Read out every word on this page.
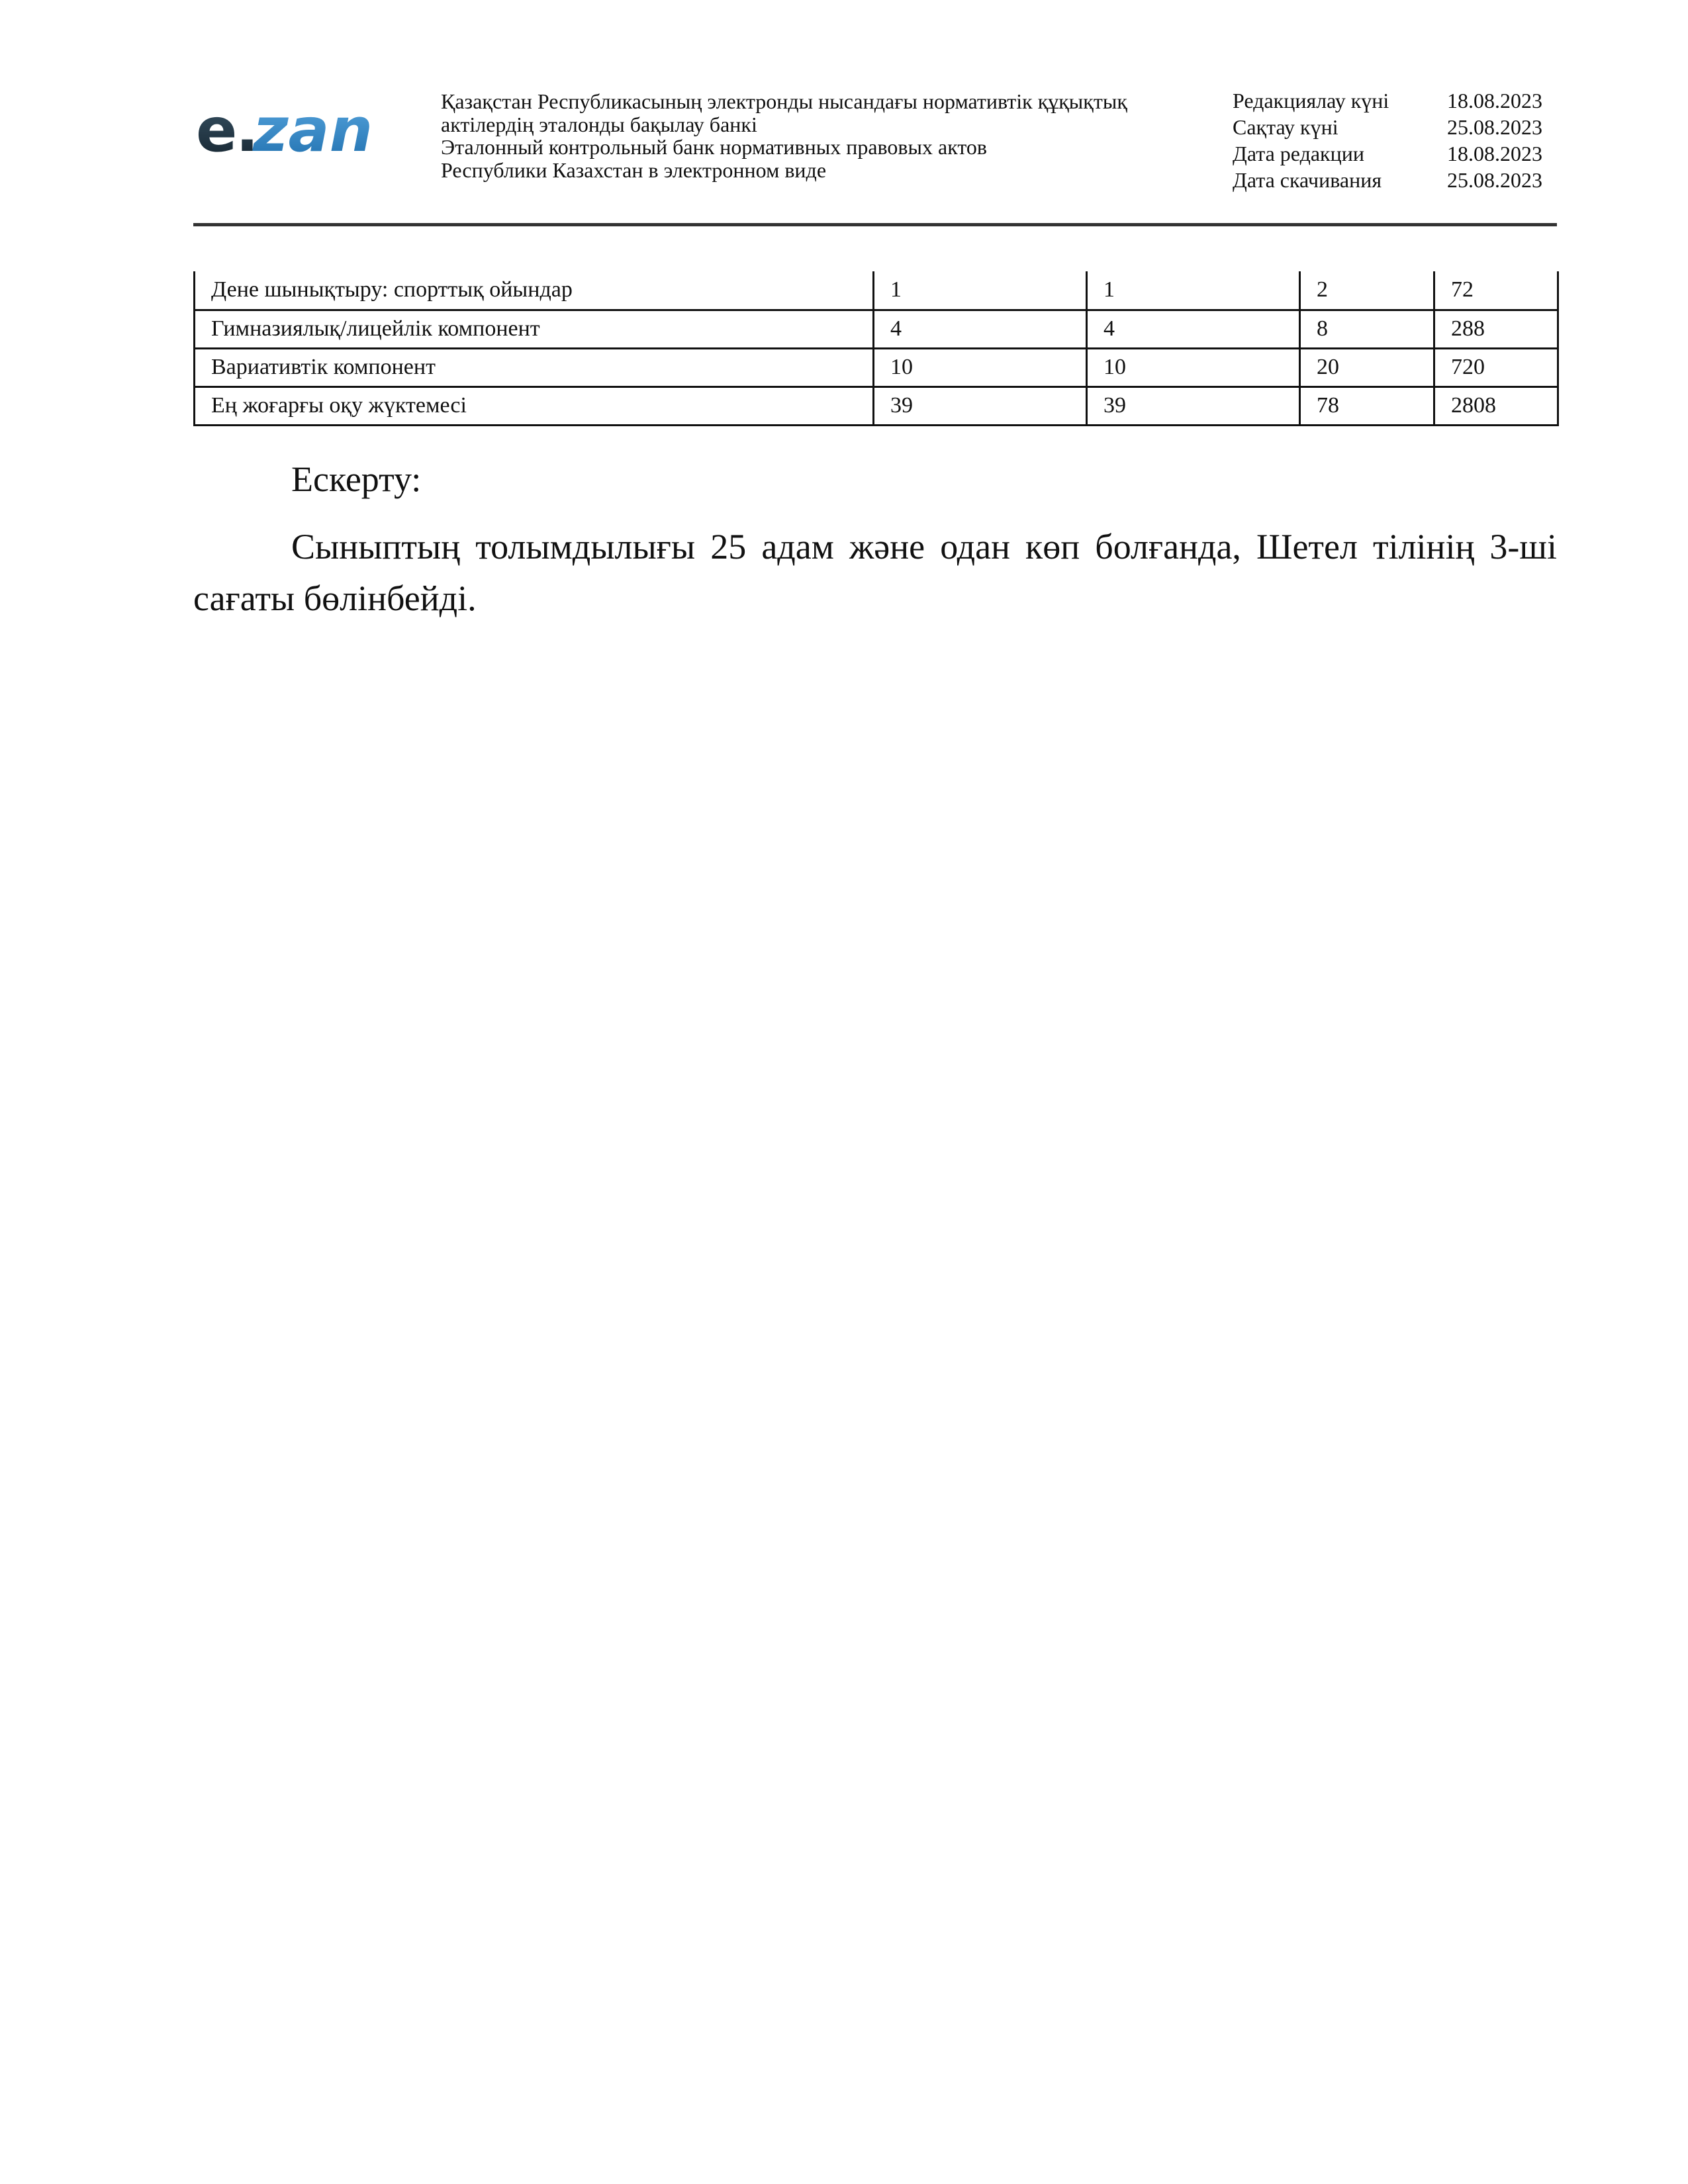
e
.
zan	Қазақстан Республикасының электронды нысандағы нормативтік құқықтық
актілердің эталонды бақылау банкі
Эталонный контрольный банк нормативных правовых актов
Республики Казахстан в электронном виде
Редакциялау күні	18.08.2023
Сақтау күні	25.08.2023
Дата редакции	18.08.2023
Дата скачивания	25.08.2023
Дене шынықтыру: спорттық ойындар	1	1	2	72
Гимназиялық/лицейлік компонент	4	4	8	288
Вариативтік компонент	10	10	20	720
Ең жоғарғы оқу жүктемесі	39	39	78	2808
Ескерту:
Сыныптың толымдылығы 25 адам және одан көп болғанда, Шетел тілінің 3-ші сағаты бөлінбейді.
